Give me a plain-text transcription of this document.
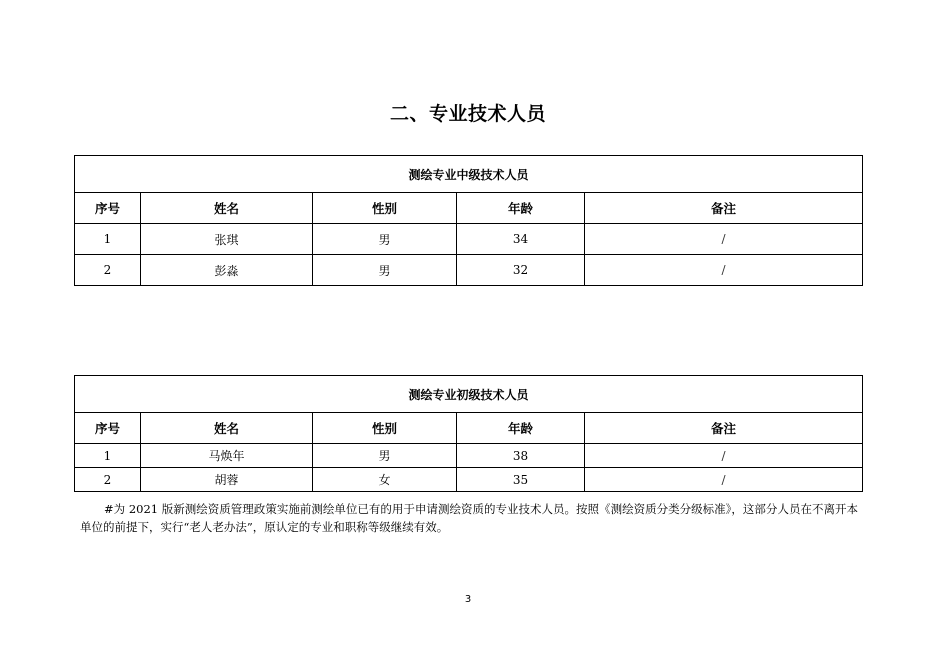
二、专业技术人员
测绘专业中级技术人员				
序号	姓名	性别	年龄	备注
1	张琪	男	34	/
2	彭淼	男	32	/
测绘专业初级技术人员				
序号	姓名	性别	年龄	备注
1	马焕年	男	38	/
2	胡蓉	女	35	/
#为 2021 版新测绘资质管理政策实施前测绘单位已有的用于申请测绘资质的专业技术人员。按照《测绘资质分类分级标准》，这部分人员在不离开本单位的前提下，实行“老人老办法”，原认定的专业和职称等级继续有效。
3
